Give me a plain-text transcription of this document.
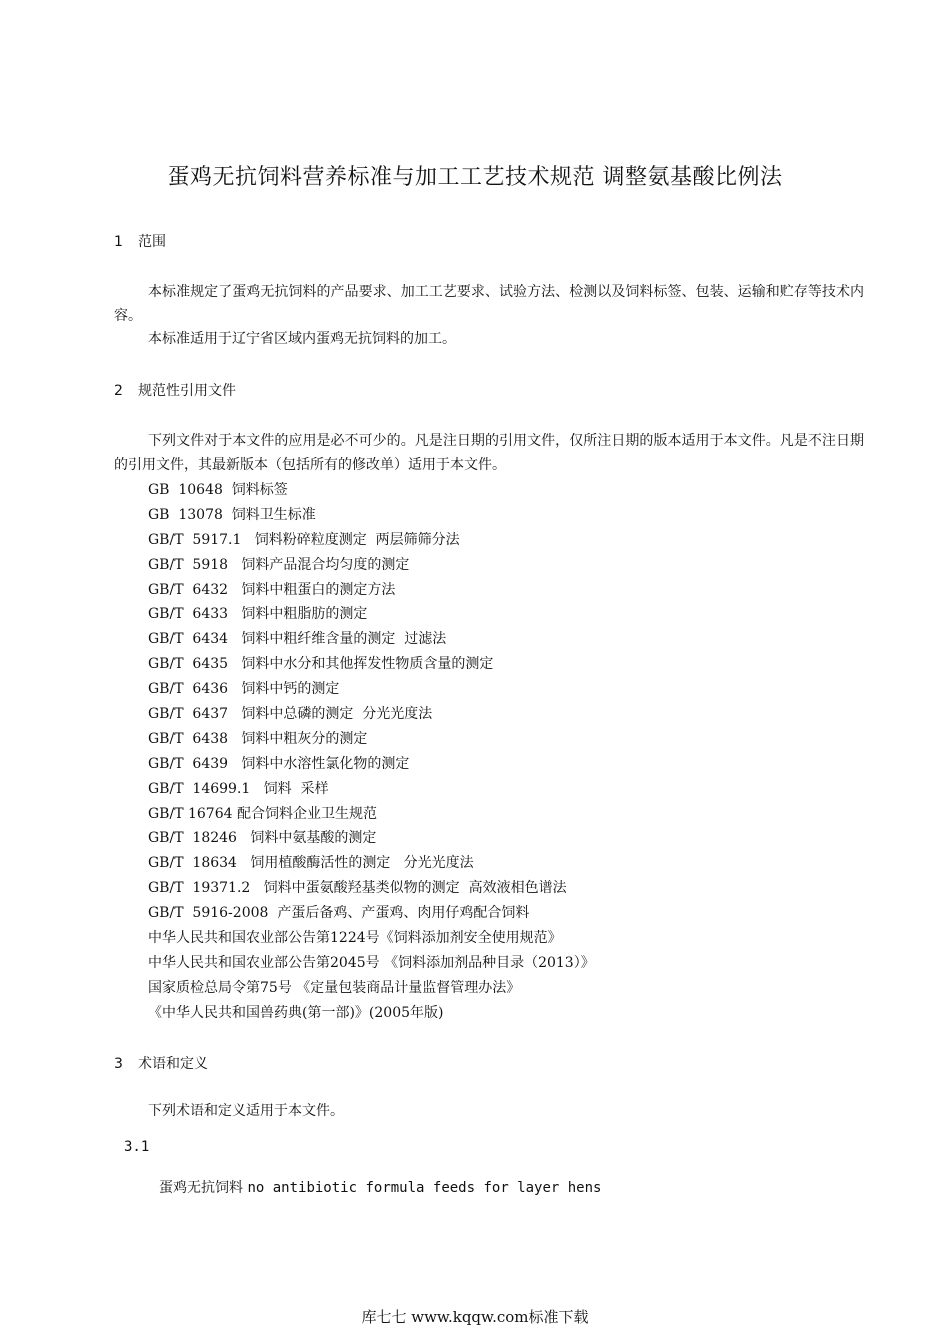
蛋鸡无抗饲料营养标准与加工工艺技术规范 调整氨基酸比例法
1 范围

本标准规定了蛋鸡无抗饲料的产品要求、加工工艺要求、试验方法、检测以及饲料标签、包装、运输和贮存等技术内容。

本标准适用于辽宁省区域内蛋鸡无抗饲料的加工。

2 规范性引用文件

下列文件对于本文件的应用是必不可少的。凡是注日期的引用文件，仅所注日期的版本适用于本文件。凡是不注日期的引用文件，其最新版本（包括所有的修改单）适用于本文件。

GB  10648  饲料标签
GB  13078  饲料卫生标准
GB/T  5917.1   饲料粉碎粒度测定  两层筛筛分法
GB/T  5918   饲料产品混合均匀度的测定
GB/T  6432   饲料中粗蛋白的测定方法
GB/T  6433   饲料中粗脂肪的测定
GB/T  6434   饲料中粗纤维含量的测定  过滤法
GB/T  6435   饲料中水分和其他挥发性物质含量的测定
GB/T  6436   饲料中钙的测定
GB/T  6437   饲料中总磷的测定  分光光度法
GB/T  6438   饲料中粗灰分的测定
GB/T  6439   饲料中水溶性氯化物的测定
GB/T  14699.1   饲料  采样
GB/T 16764 配合饲料企业卫生规范
GB/T  18246   饲料中氨基酸的测定
GB/T  18634   饲用植酸酶活性的测定   分光光度法
GB/T  19371.2   饲料中蛋氨酸羟基类似物的测定  高效液相色谱法
GB/T  5916-2008  产蛋后备鸡、产蛋鸡、肉用仔鸡配合饲料
中华人民共和国农业部公告第1224号《饲料添加剂安全使用规范》
中华人民共和国农业部公告第2045号 《饲料添加剂品种目录（2013）》
国家质检总局令第75号 《定量包装商品计量监督管理办法》
《中华人民共和国兽药典(第一部)》(2005年版)
3 术语和定义

下列术语和定义适用于本文件。

3.1
蛋鸡无抗饲料 no antibiotic formula feeds for layer hens
库七七 www.kqqw.com标准下载
